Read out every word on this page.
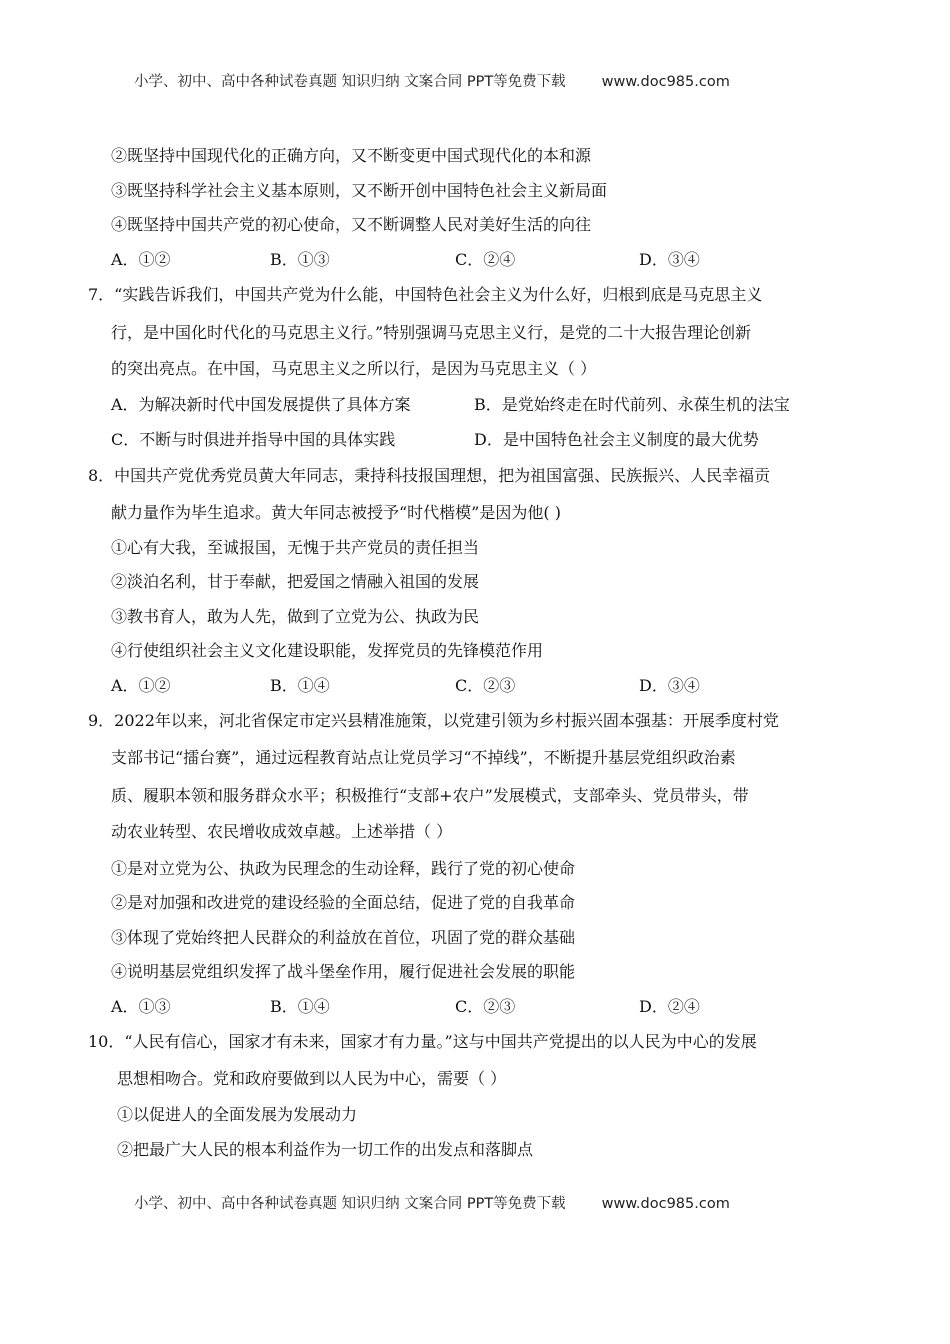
小学、初中、高中各种试卷真题 知识归纳 文案合同 PPT等免费下载 www.doc985.com
②既坚持中国现代化的正确方向，又不断变更中国式现代化的本和源
③既坚持科学社会主义基本原则，又不断开创中国特色社会主义新局面
④既坚持中国共产党的初心使命，又不断调整人民对美好生活的向往
A．①②	B．①③	C．②④	D．③④
7．“实践告诉我们，中国共产党为什么能，中国特色社会主义为什么好，归根到底是马克思主义
行，是中国化时代化的马克思主义行。”特别强调马克思主义行，是党的二十大报告理论创新
的突出亮点。在中国，马克思主义之所以行，是因为马克思主义（ ）
A．为解决新时代中国发展提供了具体方案	B．是党始终走在时代前列、永葆生机的法宝
C．不断与时俱进并指导中国的具体实践	D．是中国特色社会主义制度的最大优势
8．中国共产党优秀党员黄大年同志，秉持科技报国理想，把为祖国富强、民族振兴、人民幸福贡
献力量作为毕生追求。黄大年同志被授予“时代楷模”是因为他( )
①心有大我，至诚报国，无愧于共产党员的责任担当
②淡泊名利，甘于奉献，把爱国之情融入祖国的发展
③教书育人，敢为人先，做到了立党为公、执政为民
④行使组织社会主义文化建设职能，发挥党员的先锋模范作用
A．①②	B．①④	C．②③	D．③④
9．2022年以来，河北省保定市定兴县精准施策，以党建引领为乡村振兴固本强基：开展季度村党
支部书记“擂台赛”，通过远程教育站点让党员学习“不掉线”，不断提升基层党组织政治素
质、履职本领和服务群众水平；积极推行“支部+农户”发展模式，支部牵头、党员带头，带
动农业转型、农民增收成效卓越。上述举措（ ）
①是对立党为公、执政为民理念的生动诠释，践行了党的初心使命
②是对加强和改进党的建设经验的全面总结，促进了党的自我革命
③体现了党始终把人民群众的利益放在首位，巩固了党的群众基础
④说明基层党组织发挥了战斗堡垒作用，履行促进社会发展的职能
A．①③	B．①④	C．②③	D．②④
10．“人民有信心，国家才有未来，国家才有力量。”这与中国共产党提出的以人民为中心的发展
思想相吻合。党和政府要做到以人民为中心，需要（ ）
①以促进人的全面发展为发展动力
②把最广大人民的根本利益作为一切工作的出发点和落脚点
小学、初中、高中各种试卷真题 知识归纳 文案合同 PPT等免费下载 www.doc985.com
